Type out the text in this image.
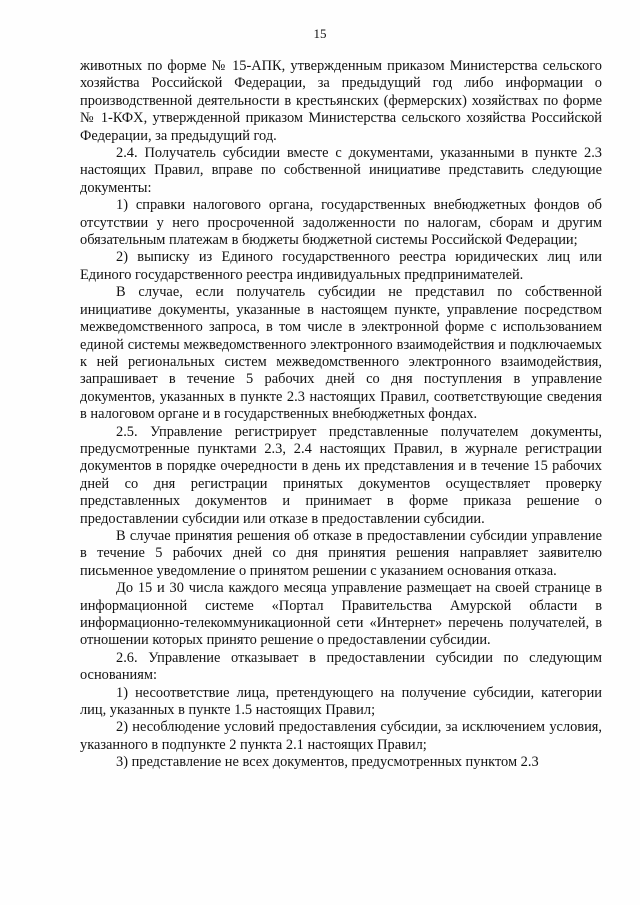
15

животных по форме № 15-АПК, утвержденным приказом Министерства сельского хозяйства Российской Федерации, за предыдущий год либо информации о производственной деятельности в крестьянских (фермерских) хозяйствах по форме № 1-КФХ, утвержденной приказом Министерства сельского хозяйства Российской Федерации, за предыдущий год.

2.4. Получатель субсидии вместе с документами, указанными в пункте 2.3 настоящих Правил, вправе по собственной инициативе представить следующие документы:

1) справки налогового органа, государственных внебюджетных фондов об отсутствии у него просроченной задолженности по налогам, сборам и другим обязательным платежам в бюджеты бюджетной системы Российской Федерации;

2) выписку из Единого государственного реестра юридических лиц или Единого государственного реестра индивидуальных предпринимателей.

В случае, если получатель субсидии не представил по собственной инициативе документы, указанные в настоящем пункте, управление посредством межведомственного запроса, в том числе в электронной форме с использованием единой системы межведомственного электронного взаимодействия и подключаемых к ней региональных систем межведомственного электронного взаимодействия, запрашивает в течение 5 рабочих дней со дня поступления в управление документов, указанных в пункте 2.3 настоящих Правил, соответствующие сведения в налоговом органе и в государственных внебюджетных фондах.

2.5. Управление регистрирует представленные получателем документы, предусмотренные пунктами 2.3, 2.4 настоящих Правил, в журнале регистрации документов в порядке очередности в день их представления и в течение 15 рабочих дней со дня регистрации принятых документов осуществляет проверку представленных документов и принимает в форме приказа решение о предоставлении субсидии или отказе в предоставлении субсидии.

В случае принятия решения об отказе в предоставлении субсидии управление в течение 5 рабочих дней со дня принятия решения направляет заявителю письменное уведомление о принятом решении с указанием основания отказа.

До 15 и 30 числа каждого месяца управление размещает на своей странице в информационной системе «Портал Правительства Амурской области в информационно-телекоммуникационной сети «Интернет» перечень получателей, в отношении которых принято решение о предоставлении субсидии.

2.6. Управление отказывает в предоставлении субсидии по следующим основаниям:

1) несоответствие лица, претендующего на получение субсидии, категории лиц, указанных в пункте 1.5 настоящих Правил;

2) несоблюдение условий предоставления субсидии, за исключением условия, указанного в подпункте 2 пункта 2.1 настоящих Правил;

3) представление не всех документов, предусмотренных пунктом 2.3
